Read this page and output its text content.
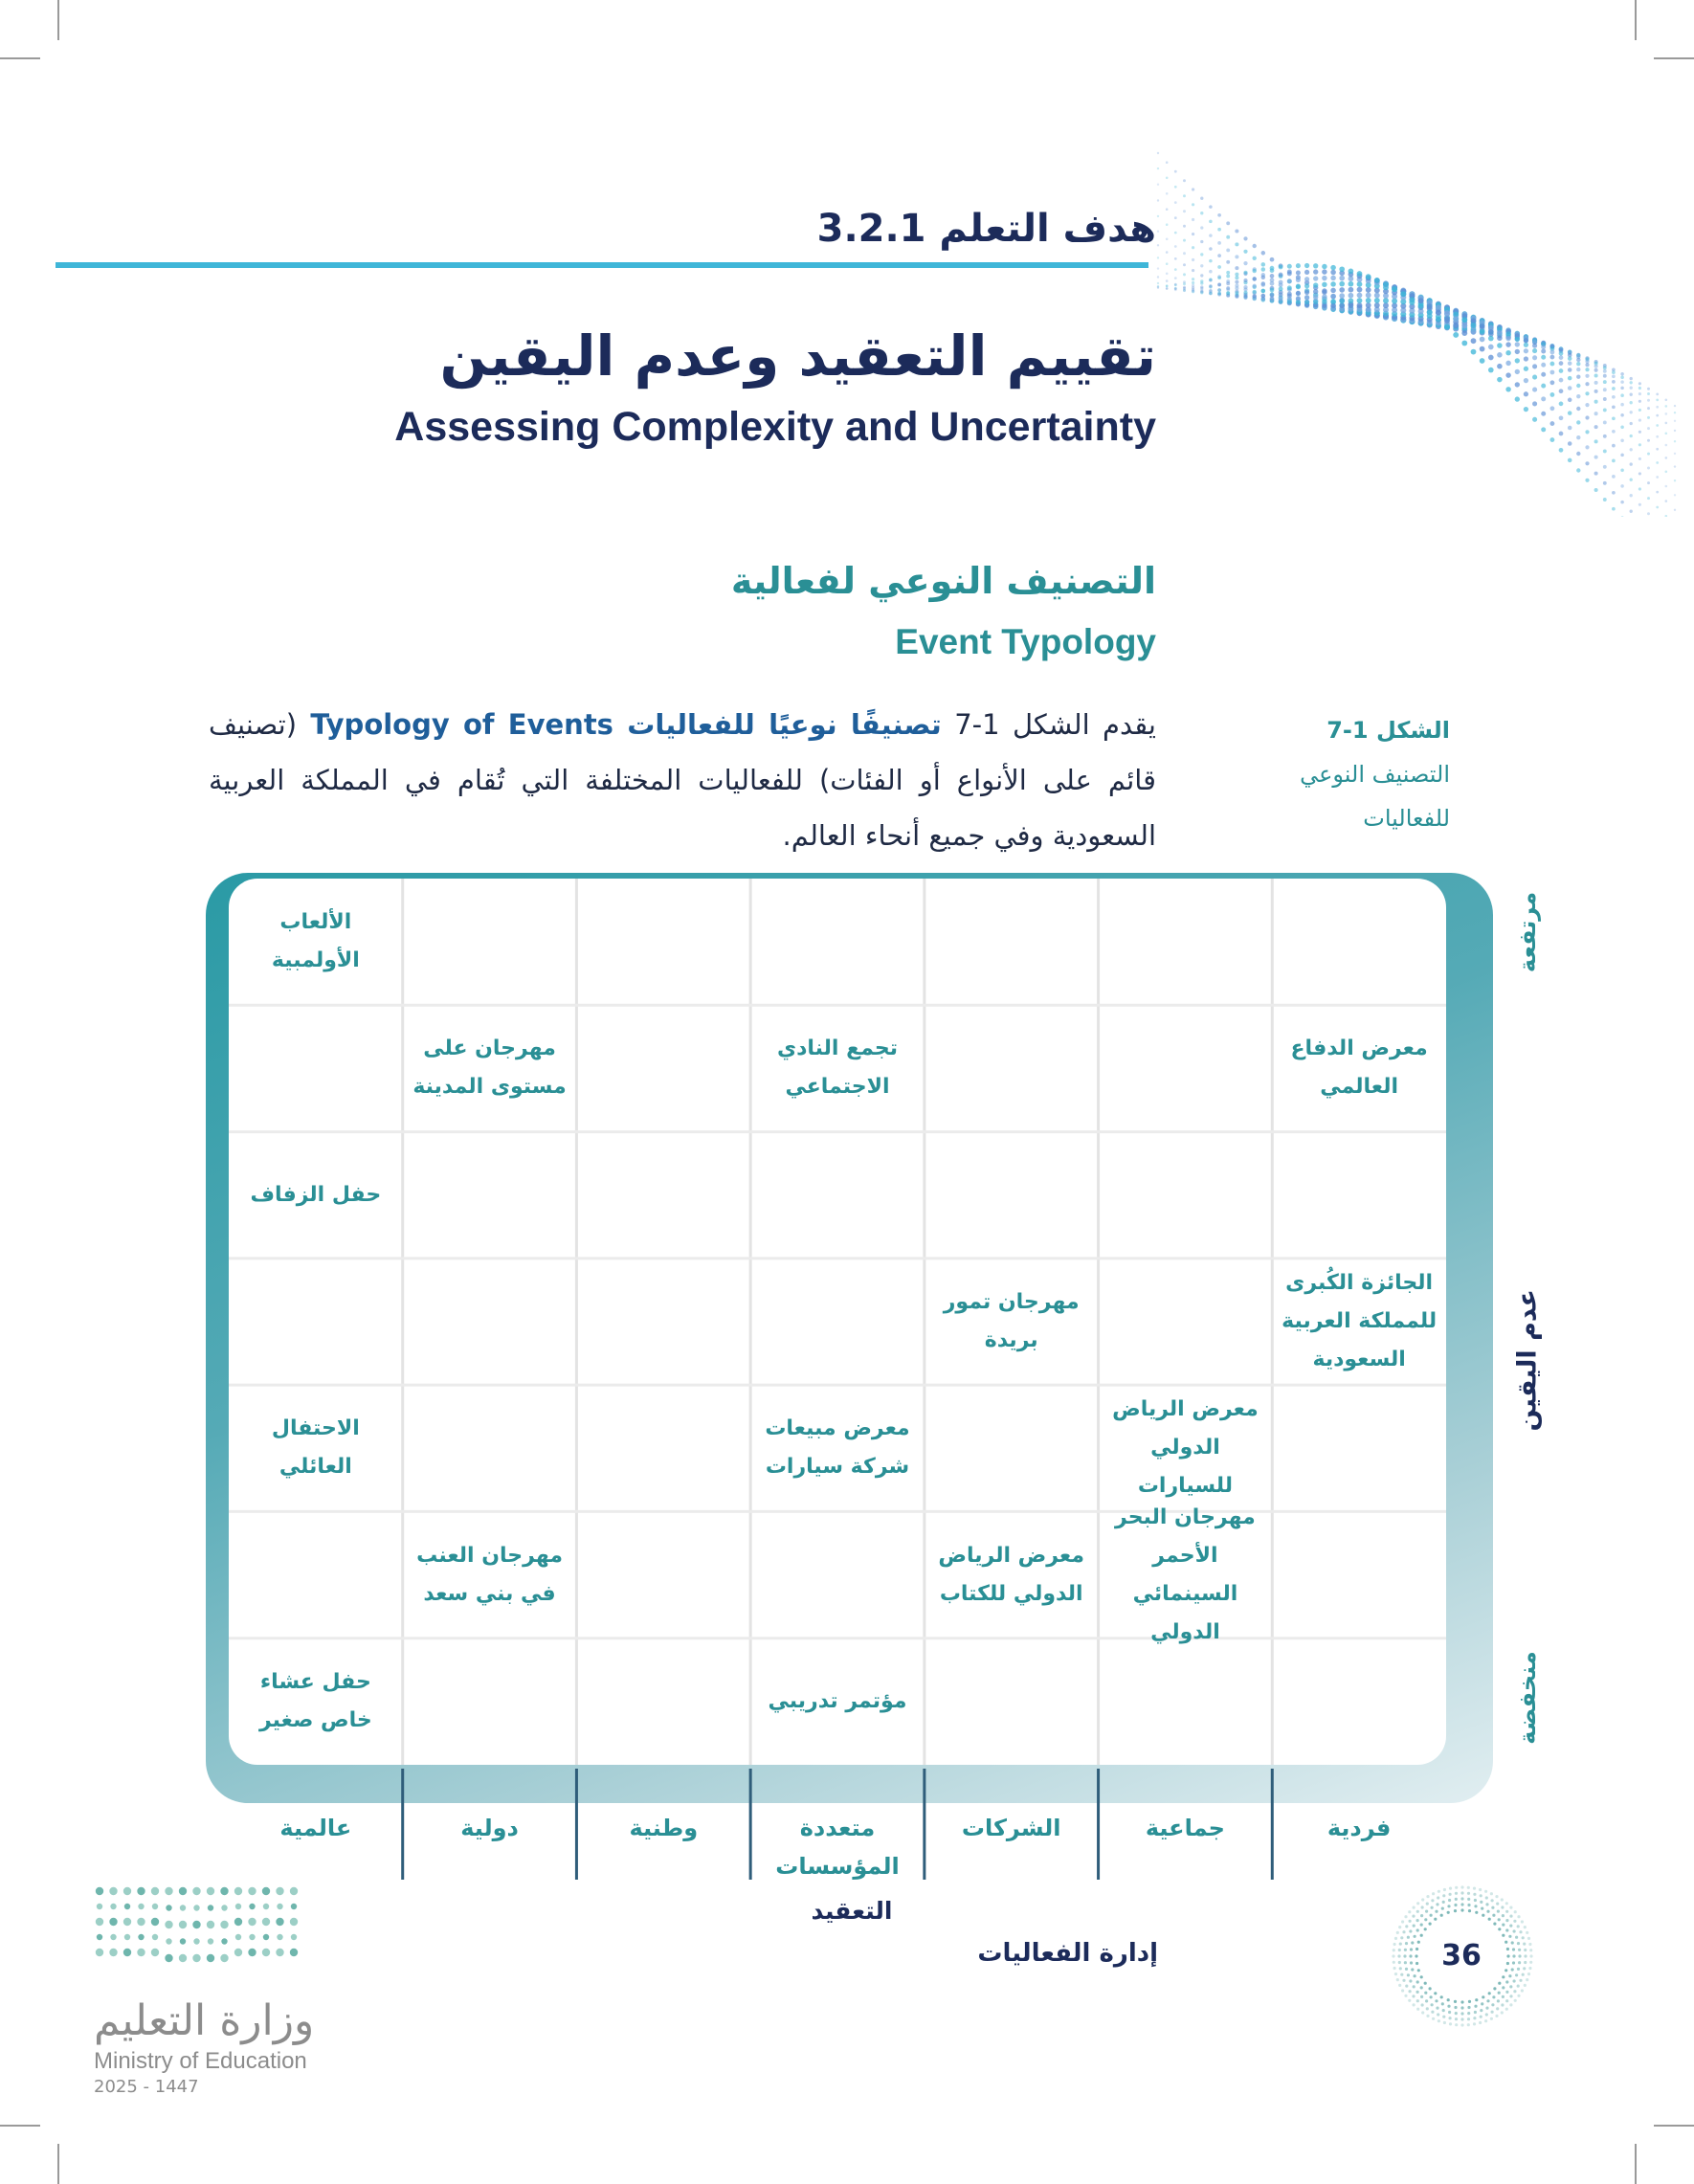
هدف التعلم 3.2.1
تقييم التعقيد وعدم اليقين
Assessing Complexity and Uncertainty
التصنيف النوعي لفعالية
Event Typology
يقدم الشكل 1-7 تصنيفًا نوعيًا للفعاليات Typology of Events (تصنيف قائم على الأنواع أو الفئات) للفعاليات المختلفة التي تُقام في المملكة العربية السعودية وفي جميع أنحاء العالم.
الشكل 1-7
التصنيف النوعي
للفعاليات
الألعاب الأولمبية
مهرجان على مستوى المدينة
تجمع النادي الاجتماعي
معرض الدفاع العالمي
حفل الزفاف
مهرجان تمور بريدة
الجائزة الكُبرى للمملكة العربية السعودية
الاحتفال العائلي
معرض مبيعات شركة سيارات
معرض الرياض الدولي للسيارات
مهرجان العنب في بني سعد
معرض الرياض الدولي للكتاب
مهرجان البحر الأحمر السينمائي الدولي
حفل عشاء خاص صغير
مؤتمر تدريبي
فردية
جماعية
الشركات
متعددة المؤسسات
وطنية
دولية
عالمية
مرتفعة
عدم اليقين
منخفضة
التعقيد
إدارة الفعاليات	36
وزارة التعليم
Ministry of Education
2025 - 1447
